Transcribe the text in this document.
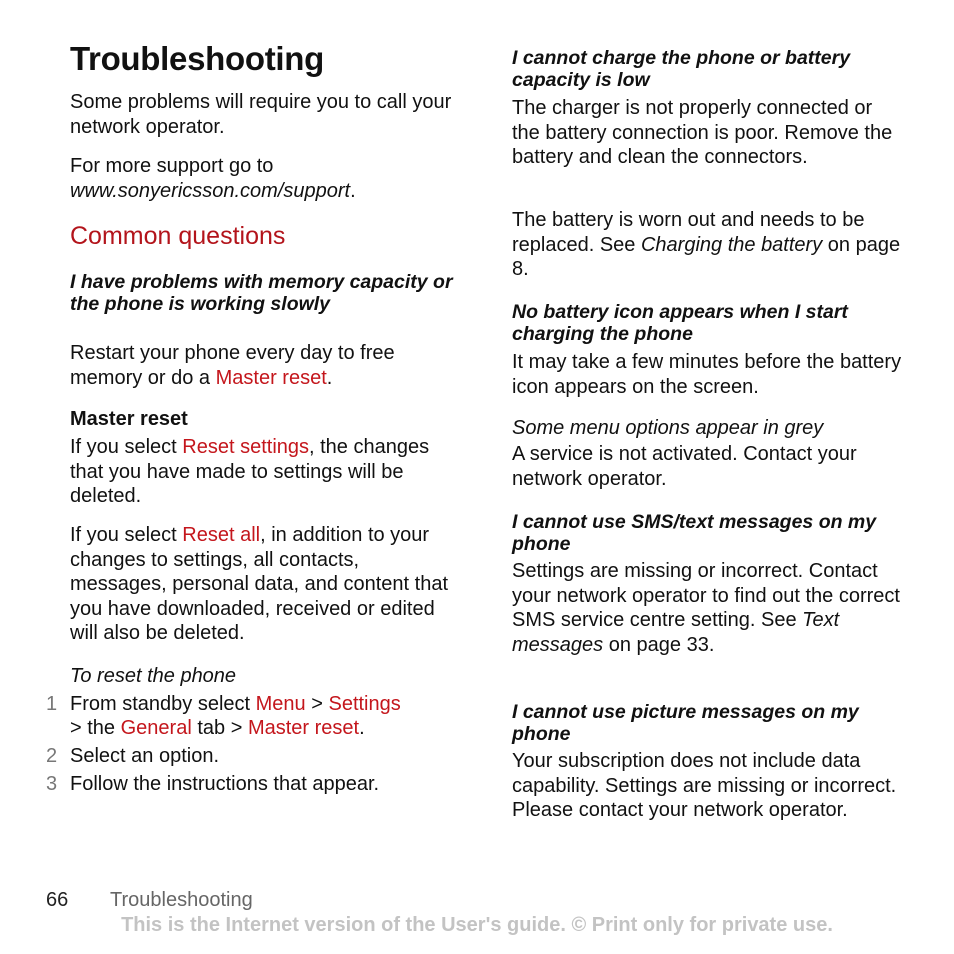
Troubleshooting

Some problems will require you to call your network operator.

For more support go to
www.sonyericsson.com/support.

Common questions

I have problems with memory capacity or the phone is working slowly

Restart your phone every day to free memory or do a Master reset.

Master reset

If you select Reset settings, the changes that you have made to settings will be deleted.

If you select Reset all, in addition to your changes to settings, all contacts, messages, personal data, and content that you have downloaded, received or edited will also be deleted.

To reset the phone

1 From standby select Menu > Settings
> the General tab > Master reset.
2 Select an option.
3 Follow the instructions that appear.

I cannot charge the phone or battery capacity is low

The charger is not properly connected or the battery connection is poor. Remove the battery and clean the connectors.

The battery is worn out and needs to be replaced. See Charging the battery on page 8.

No battery icon appears when I start charging the phone

It may take a few minutes before the battery icon appears on the screen.

Some menu options appear in grey

A service is not activated. Contact your network operator.

I cannot use SMS/text messages on my phone

Settings are missing or incorrect. Contact your network operator to find out the correct SMS service centre setting. See Text messages on page 33.

I cannot use picture messages on my phone

Your subscription does not include data capability. Settings are missing or incorrect. Please contact your network operator.

66 Troubleshooting
This is the Internet version of the User's guide. © Print only for private use.
